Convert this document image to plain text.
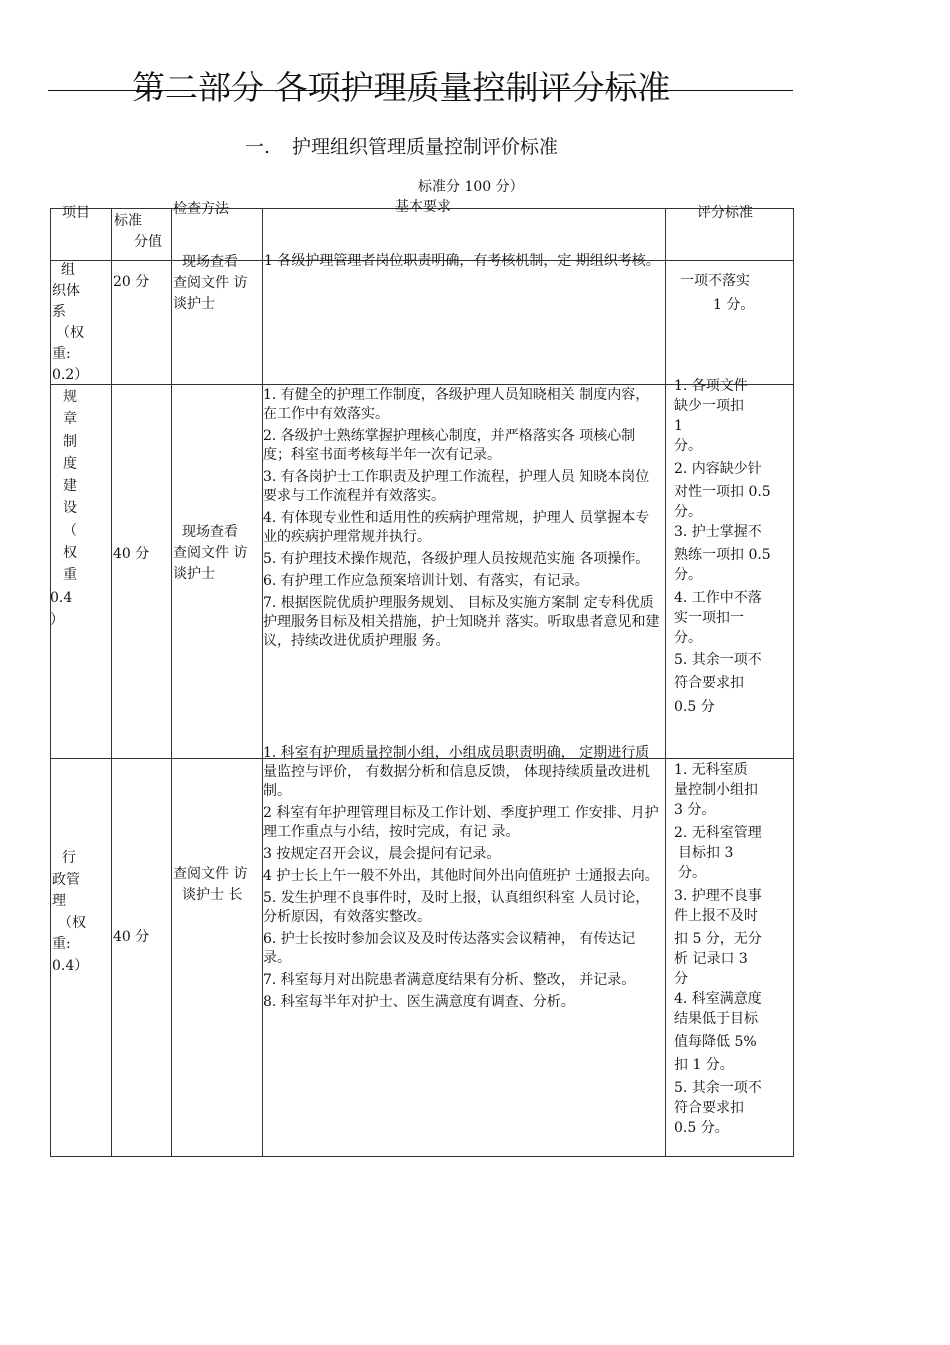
第二部分 各项护理质量控制评分标准
一. 护理组织管理质量控制评价标准
标准分 100 分）
项目 标准
分值
检查方法	基本要求	评分标准
组
织体
系
（权
重:
0.2）
20 分
现场查看
查阅文件 访
谈护士
1 各级护理管理者岗位职责明确，有考核机制，定 期组织考核。
一项不落实
1 分。
规
章
制
度
建
设
（
权
重
0.4
）
40 分
现场查看
查阅文件 访
谈护士
1. 有健全的护理工作制度，各级护理人员知晓相关 制度内容，在工作中有效落实。
2. 各级护士熟练掌握护理核心制度，并严格落实各 项核心制度；科室书面考核每半年一次有记录。
3. 有各岗护士工作职责及护理工作流程，护理人员 知晓本岗位要求与工作流程并有效落实。
4. 有体现专业性和适用性的疾病护理常规，护理人 员掌握本专业的疾病护理常规并执行。
5. 有护理技术操作规范，各级护理人员按规范实施 各项操作。
6. 有护理工作应急预案培训计划、有落实，有记录。
7. 根据医院优质护理服务规划、 目标及实施方案制 定专科优质护理服务目标及相关措施，护士知晓并 落实。听取患者意见和建议，持续改进优质护理服 务。
1. 各项文件
缺少一项扣
1
分。
2. 内容缺少针
对性一项扣 0.5
分。
3. 护士掌握不
熟练一项扣 0.5
分。
4. 工作中不落
实一项扣一
分。
5. 其余一项不
符合要求扣
0.5 分
行
政管
理
（权
重:
0.4）
40 分
查阅文件 访
谈护士 长
1. 科室有护理质量控制小组，小组成员职责明确， 定期进行质量监控与评价， 有数据分析和信息反馈， 体现持续质量改进机制。
2 科室有年护理管理目标及工作计划、季度护理工 作安排、月护理工作重点与小结，按时完成，有记 录。
3 按规定召开会议，晨会提问有记录。
4 护士长上午一般不外出，其他时间外出向值班护 士通报去向。
5. 发生护理不良事件时，及时上报，认真组织科室 人员讨论，分析原因，有效落实整改。
6. 护士长按时参加会议及及时传达落实会议精神， 有传达记录。
7. 科室每月对出院患者满意度结果有分析、整改， 并记录。
8. 科室每半年对护士、医生满意度有调查、分析。
1. 无科室质
量控制小组扣
3 分。
2. 无科室管理
目标扣 3
分。
3. 护理不良事
件上报不及时
扣 5 分，无分
析 记录口 3
分
4. 科室满意度
结果低于目标
值每降低 5%
扣 1 分。
5. 其余一项不
符合要求扣
0.5 分。
